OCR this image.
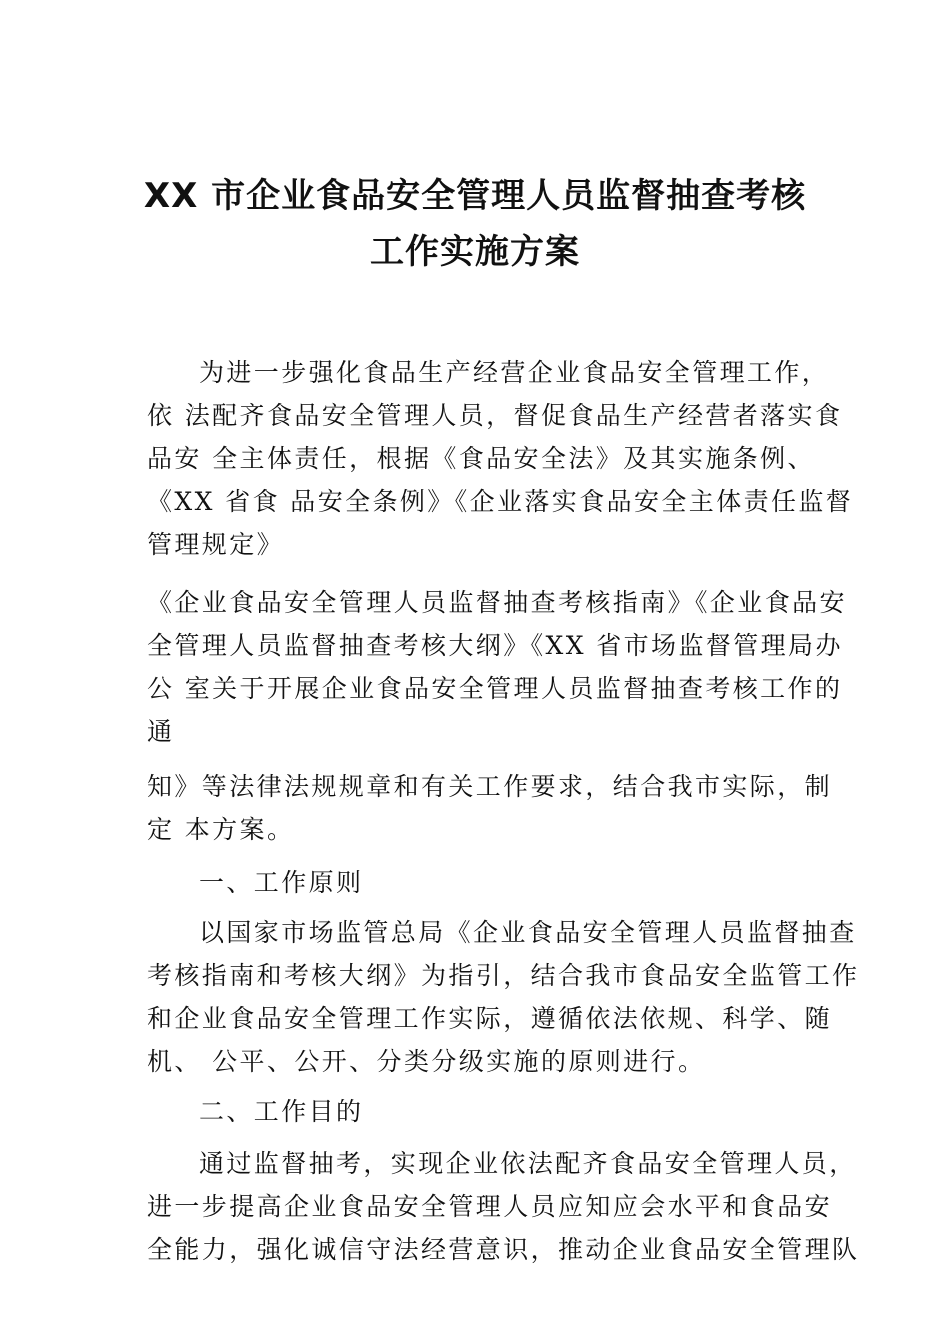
XX 市企业食品安全管理人员监督抽查考核
工作实施方案
为进一步强化食品生产经营企业食品安全管理工作，
依 法配齐食品安全管理人员，督促食品生产经营者落实食
品安 全主体责任，根据《食品安全法》及其实施条例、
《XX 省食 品安全条例》《企业落实食品安全主体责任监督
管理规定》
《企业食品安全管理人员监督抽查考核指南》《企业食品安
全管理人员监督抽查考核大纲》《XX 省市场监督管理局办
公 室关于开展企业食品安全管理人员监督抽查考核工作的
通
知》等法律法规规章和有关工作要求，结合我市实际，制
定 本方案。
一、工作原则
以国家市场监管总局《企业食品安全管理人员监督抽查
考核指南和考核大纲》为指引，结合我市食品安全监管工作
和企业食品安全管理工作实际，遵循依法依规、科学、随
机、 公平、公开、分类分级实施的原则进行。
二、工作目的
通过监督抽考，实现企业依法配齐食品安全管理人员，
进一步提高企业食品安全管理人员应知应会水平和食品安
全能力，强化诚信守法经营意识，推动企业食品安全管理队
